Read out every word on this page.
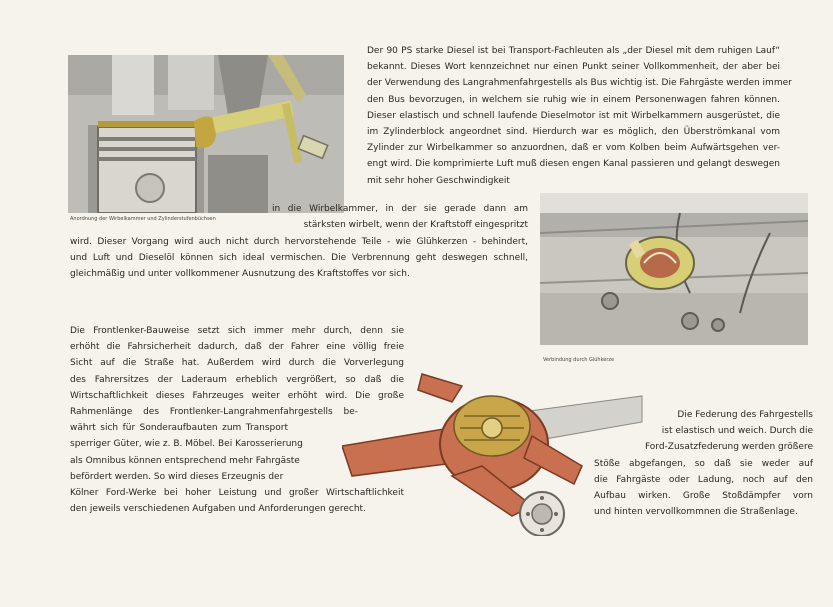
Anordnung der Wirbelkammer und Zylinderstufenbüchsen

Der 90 PS starke Diesel ist bei Transport-Fachleuten als „der Diesel mit dem ruhigen Lauf“
bekannt. Dieses Wort kennzeichnet nur einen Punkt seiner Vollkommenheit, der aber bei
der Verwendung des Langrahmenfahrgestells als Bus wichtig ist. Die Fahrgäste werden immer
den Bus bevorzugen, in welchem sie ruhig wie in einem Personenwagen fahren können.
Dieser elastisch und schnell laufende Dieselmotor ist mit Wirbelkammern ausgerüstet, die
im Zylinderblock angeordnet sind. Hierdurch war es möglich, den Überströmkanal vom
Zylinder zur Wirbelkammer so anzuordnen, daß er vom Kolben beim Aufwärtsgehen ver-
engt wird. Die komprimierte Luft muß diesen engen Kanal passieren und gelangt deswegen
mit sehr hoher Geschwindigkeit

in die Wirbelkammer, in der sie gerade dann am
stärksten wirbelt, wenn der Kraftstoff eingespritzt

wird. Dieser Vorgang wird auch nicht durch hervorstehende Teile - wie Glühkerzen - behindert,
und Luft und Dieselöl können sich ideal vermischen. Die Verbrennung geht deswegen schnell,
gleichmäßig und unter vollkommener Ausnutzung des Kraftstoffes vor sich.

Verbindung durch Glühkerze

Die Frontlenker-Bauweise setzt sich immer mehr durch, denn sie
erhöht die Fahrsicherheit dadurch, daß der Fahrer eine völlig freie
Sicht auf die Straße hat. Außerdem wird durch die Vorverlegung
des Fahrersitzes der Laderaum erheblich vergrößert, so daß die
Wirtschaftlichkeit dieses Fahrzeuges weiter erhöht wird. Die große
Rahmenlänge des Frontlenker-Langrahmenfahrgestells be-
währt sich für Sonderaufbauten zum Transport
sperriger Güter, wie z. B. Möbel. Bei Karosserierung
als Omnibus können entsprechend mehr Fahrgäste
befördert werden. So wird dieses Erzeugnis der
Kölner Ford-Werke bei hoher Leistung und großer Wirtschaftlichkeit
den jeweils verschiedenen Aufgaben und Anforderungen gerecht.

Die Federung des Fahrgestells
ist elastisch und weich. Durch die
Ford-Zusatzfederung werden größere
Stöße abgefangen, so daß sie weder auf
die Fahrgäste oder Ladung, noch auf den
Aufbau wirken. Große Stoßdämpfer vorn
und hinten vervollkommnen die Straßenlage.
